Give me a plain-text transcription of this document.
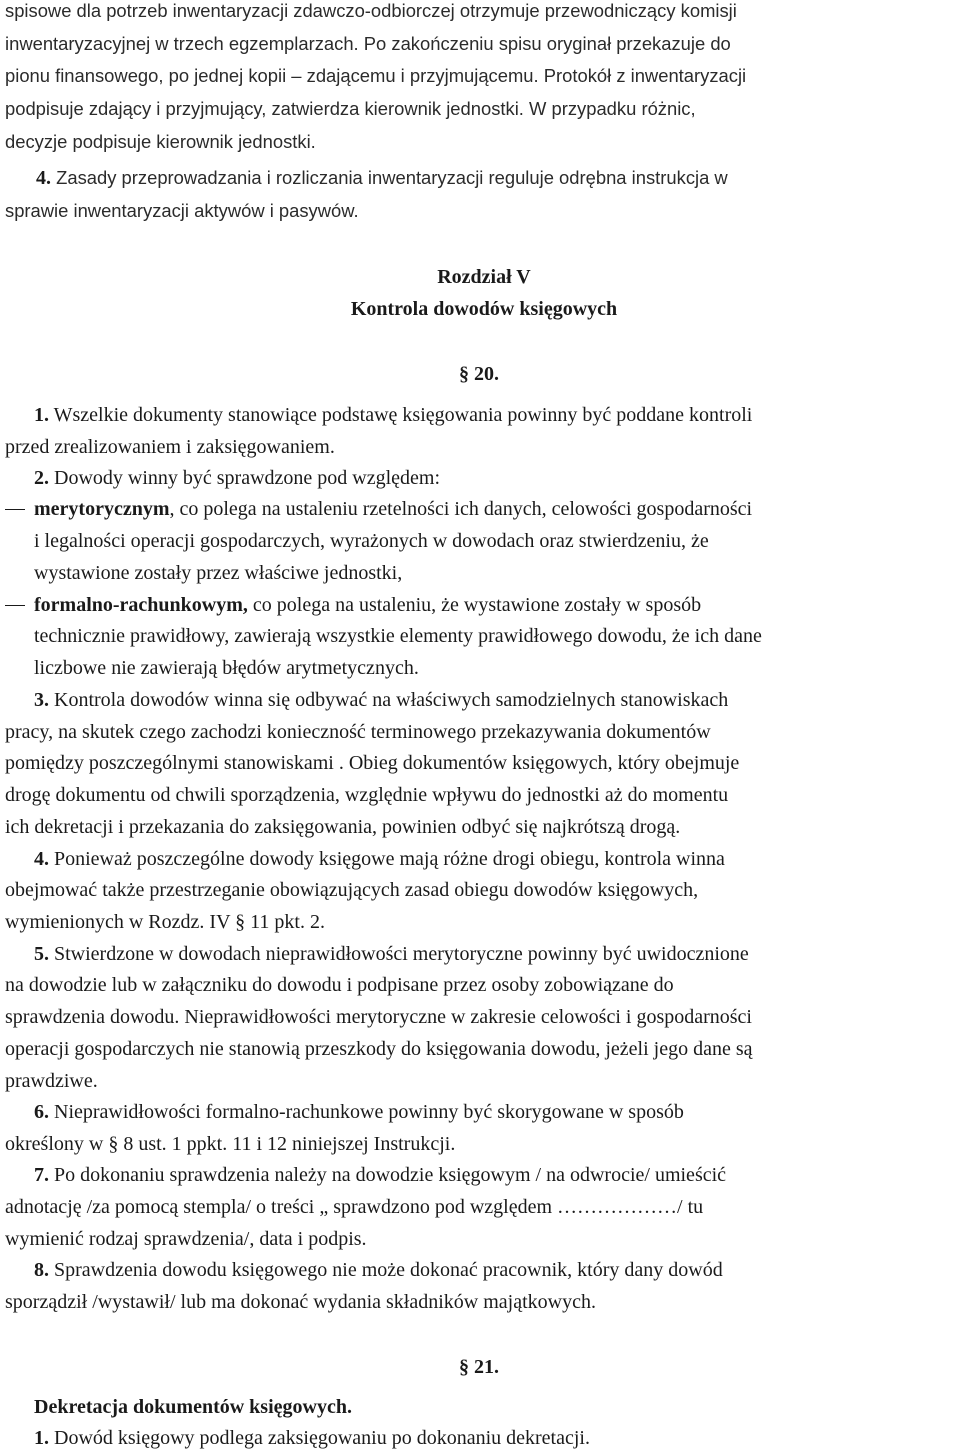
spisowe dla potrzeb inwentaryzacji zdawczo-odbiorczej otrzymuje przewodniczący komisji
inwentaryzacyjnej w trzech egzemplarzach. Po zakończeniu spisu oryginał przekazuje do
pionu finansowego, po jednej kopii – zdającemu i przyjmującemu. Protokół z inwentaryzacji
podpisuje zdający i przyjmujący, zatwierdza kierownik jednostki. W przypadku różnic,
decyzje podpisuje kierownik jednostki.
4. Zasady przeprowadzania i rozliczania inwentaryzacji reguluje odrębna instrukcja w
sprawie inwentaryzacji aktywów i pasywów.
Rozdział V
Kontrola dowodów księgowych
§ 20.
1. Wszelkie dokumenty stanowiące podstawę księgowania powinny być poddane kontroli
przed zrealizowaniem i zaksięgowaniem.
2. Dowody winny być sprawdzone pod względem:
merytorycznym, co polega na ustaleniu rzetelności ich danych, celowości gospodarności
i legalności operacji gospodarczych, wyrażonych w dowodach oraz stwierdzeniu, że
wystawione zostały przez właściwe jednostki,
formalno-rachunkowym, co polega na ustaleniu, że wystawione zostały w sposób
technicznie prawidłowy, zawierają wszystkie elementy prawidłowego dowodu, że ich dane
liczbowe nie zawierają błędów arytmetycznych.
3. Kontrola dowodów winna się odbywać na właściwych samodzielnych stanowiskach
pracy, na skutek czego zachodzi konieczność terminowego przekazywania dokumentów
pomiędzy poszczególnymi stanowiskami . Obieg dokumentów księgowych, który obejmuje
drogę dokumentu od chwili sporządzenia, względnie wpływu do jednostki aż do momentu
ich dekretacji i przekazania do zaksięgowania, powinien odbyć się najkrótszą drogą.
4. Ponieważ poszczególne dowody księgowe mają różne drogi obiegu, kontrola winna
obejmować także przestrzeganie obowiązujących zasad obiegu dowodów księgowych,
wymienionych w Rozdz. IV § 11 pkt. 2.
5. Stwierdzone w dowodach nieprawidłowości merytoryczne powinny być uwidocznione
na dowodzie lub w załączniku do dowodu i podpisane przez osoby zobowiązane do
sprawdzenia dowodu. Nieprawidłowości merytoryczne w zakresie celowości i gospodarności
operacji gospodarczych nie stanowią przeszkody do księgowania dowodu, jeżeli jego dane są
prawdziwe.
6. Nieprawidłowości formalno-rachunkowe powinny być skorygowane w sposób
określony w § 8 ust. 1 ppkt. 11 i 12 niniejszej Instrukcji.
7. Po dokonaniu sprawdzenia należy na dowodzie księgowym / na odwrocie/ umieścić
adnotację /za pomocą stempla/ o treści „ sprawdzono pod względem ………………/ tu
wymienić rodzaj sprawdzenia/, data i podpis.
8. Sprawdzenia dowodu księgowego nie może dokonać pracownik, który dany dowód
sporządził /wystawił/ lub ma dokonać wydania składników majątkowych.
§ 21.
Dekretacja dokumentów księgowych.
1. Dowód księgowy podlega zaksięgowaniu po dokonaniu dekretacji.
